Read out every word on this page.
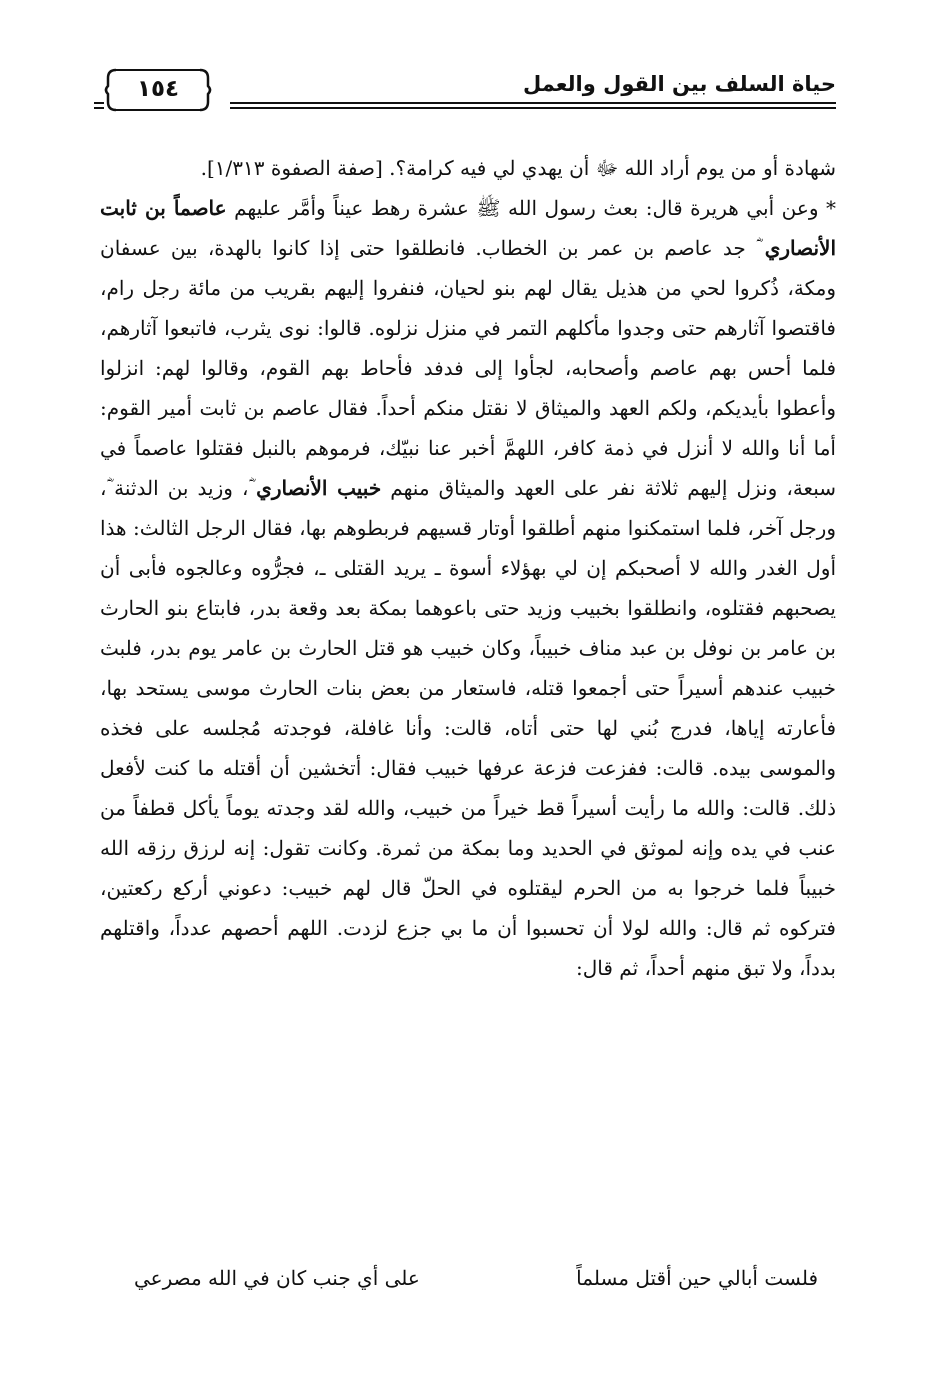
حياة السلف بين القول والعمل
١٥٤

شهادة أو من يوم أراد الله ﷻ أن يهدي لي فيه كرامة؟. [صفة الصفوة ١/٣١٣].

* وعن أبي هريرة قال: بعث رسول الله ﷺ عشرة رهط عيناً وأمَّر عليهم عاصماً بن ثابت الأنصاري ؓ جد عاصم بن عمر بن الخطاب. فانطلقوا حتى إذا كانوا بالهدة، بين عسفان ومكة، ذُكروا لحي من هذيل يقال لهم بنو لحيان، فنفروا إليهم بقريب من مائة رجل رام، فاقتصوا آثارهم حتى وجدوا مأكلهم التمر في منزل نزلوه. قالوا: نوى يثرب، فاتبعوا آثارهم، فلما أحس بهم عاصم وأصحابه، لجأوا إلى فدفد فأحاط بهم القوم، وقالوا لهم: انزلوا وأعطوا بأيديكم، ولكم العهد والميثاق لا نقتل منكم أحداً. فقال عاصم بن ثابت أمير القوم: أما أنا والله لا أنزل في ذمة كافر، اللهمَّ أخبر عنا نبيّك، فرموهم بالنبل فقتلوا عاصماً في سبعة، ونزل إليهم ثلاثة نفر على العهد والميثاق منهم خبيب الأنصاري ؓ، وزيد بن الدثنة ؓ، ورجل آخر، فلما استمكنوا منهم أطلقوا أوتار قسيهم فربطوهم بها، فقال الرجل الثالث: هذا أول الغدر والله لا أصحبكم إن لي بهؤلاء أسوة ـ يريد القتلى ـ، فجرُّوه وعالجوه فأبى أن يصحبهم فقتلوه، وانطلقوا بخبيب وزيد حتى باعوهما بمكة بعد وقعة بدر، فابتاع بنو الحارث بن عامر بن نوفل بن عبد مناف خبيباً، وكان خبيب هو قتل الحارث بن عامر يوم بدر، فلبث خبيب عندهم أسيراً حتى أجمعوا قتله، فاستعار من بعض بنات الحارث موسى يستحد بها، فأعارته إياها، فدرج بُني لها حتى أتاه، قالت: وأنا غافلة، فوجدته مُجلسه على فخذه والموسى بيده. قالت: ففزعت فزعة عرفها خبيب فقال: أتخشين أن أقتله ما كنت لأفعل ذلك. قالت: والله ما رأيت أسيراً قط خيراً من خبيب، والله لقد وجدته يوماً يأكل قطفاً من عنب في يده وإنه لموثق في الحديد وما بمكة من ثمرة. وكانت تقول: إنه لرزق رزقه الله خبيباً فلما خرجوا به من الحرم ليقتلوه في الحلّ قال لهم خبيب: دعوني أركع ركعتين، فتركوه ثم قال: والله لولا أن تحسبوا أن ما بي جزع لزدت. اللهم أحصهم عدداً، واقتلهم بدداً، ولا تبق منهم أحداً، ثم قال:

فلست أبالي حين أقتل مسلماً
على أي جنب كان في الله مصرعي
